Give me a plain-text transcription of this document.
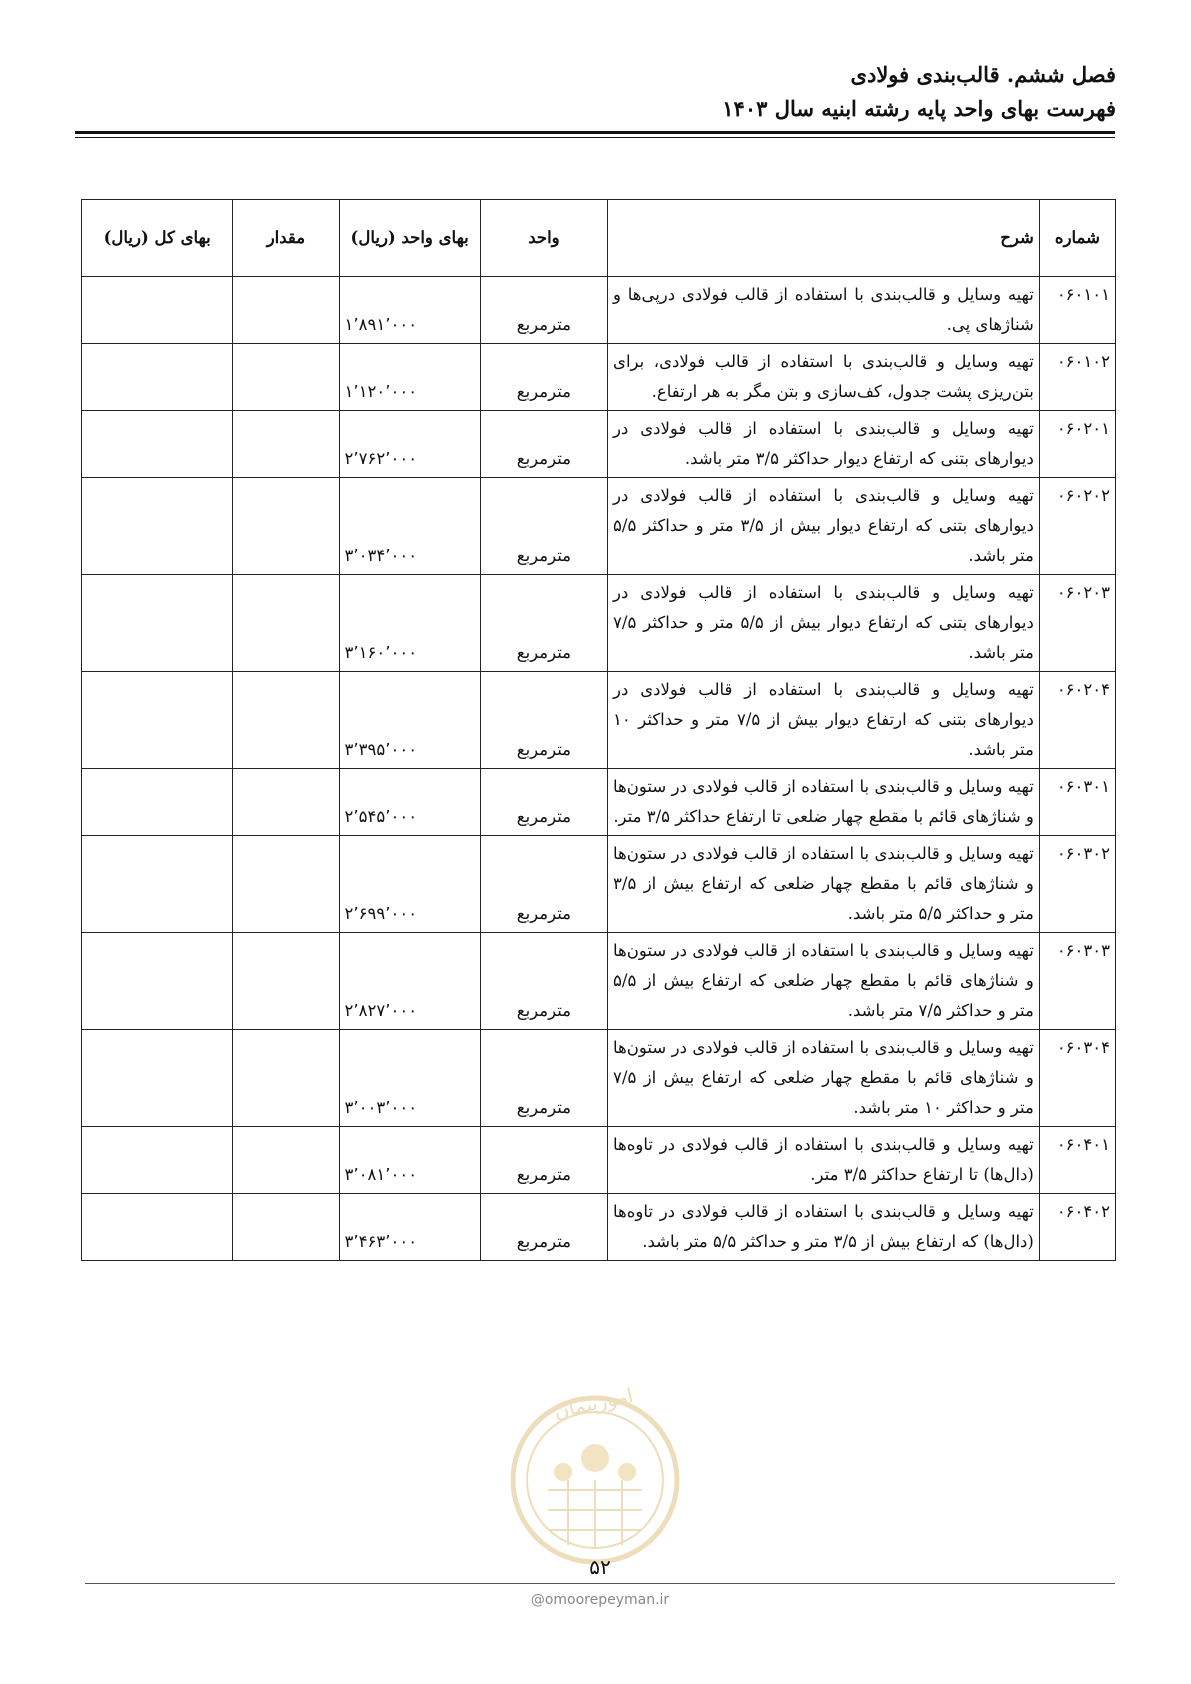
فصل ششم. قالب‌بندی فولادی
فهرست بهای واحد پایه رشته ابنیه سال ۱۴۰۳
شماره	شرح	واحد	بهای واحد (ریال)	مقدار	بهای کل (ریال)
۰۶۰۱۰۱	تهیه وسایل و قالب‌بندی با استفاده از قالب فولادی درپی‌ها و شناژهای پی.	مترمربع	۱٬۸۹۱٬۰۰۰		
۰۶۰۱۰۲	تهیه وسایل و قالب‌بندی با استفاده از قالب فولادی، برای بتن‌ریزی پشت جدول، کف‌سازی و بتن مگر به هر ارتفاع.	مترمربع	۱٬۱۲۰٬۰۰۰		
۰۶۰۲۰۱	تهیه وسایل و قالب‌بندی با استفاده از قالب فولادی در دیوارهای بتنی که ارتفاع دیوار حداکثر ۳/۵ متر باشد.	مترمربع	۲٬۷۶۲٬۰۰۰		
۰۶۰۲۰۲	تهیه وسایل و قالب‌بندی با استفاده از قالب فولادی در دیوارهای بتنی که ارتفاع دیوار بیش از ۳/۵ متر و حداکثر ۵/۵ متر باشد.	مترمربع	۳٬۰۳۴٬۰۰۰		
۰۶۰۲۰۳	تهیه وسایل و قالب‌بندی با استفاده از قالب فولادی در دیوارهای بتنی که ارتفاع دیوار بیش از ۵/۵ متر و حداکثر ۷/۵ متر باشد.	مترمربع	۳٬۱۶۰٬۰۰۰		
۰۶۰۲۰۴	تهیه وسایل و قالب‌بندی با استفاده از قالب فولادی در دیوارهای بتنی که ارتفاع دیوار بیش از ۷/۵ متر و حداکثر ۱۰ متر باشد.	مترمربع	۳٬۳۹۵٬۰۰۰		
۰۶۰۳۰۱	تهیه وسایل و قالب‌بندی با استفاده از قالب فولادی در ستون‌ها و شناژهای قائم با مقطع چهار ضلعی تا ارتفاع حداکثر ۳/۵ متر.	مترمربع	۲٬۵۴۵٬۰۰۰		
۰۶۰۳۰۲	تهیه وسایل و قالب‌بندی با استفاده از قالب فولادی در ستون‌ها و شناژهای قائم با مقطع چهار ضلعی که ارتفاع بیش از ۳/۵ متر و حداکثر ۵/۵ متر باشد.	مترمربع	۲٬۶۹۹٬۰۰۰		
۰۶۰۳۰۳	تهیه وسایل و قالب‌بندی با استفاده از قالب فولادی در ستون‌ها و شناژهای قائم با مقطع چهار ضلعی که ارتفاع بیش از ۵/۵ متر و حداکثر ۷/۵ متر باشد.	مترمربع	۲٬۸۲۷٬۰۰۰		
۰۶۰۳۰۴	تهیه وسایل و قالب‌بندی با استفاده از قالب فولادی در ستون‌ها و شناژهای قائم با مقطع چهار ضلعی که ارتفاع بیش از ۷/۵ متر و حداکثر ۱۰ متر باشد.	مترمربع	۳٬۰۰۳٬۰۰۰		
۰۶۰۴۰۱	تهیه وسایل و قالب‌بندی با استفاده از قالب فولادی در تاوه‌ها (دال‌ها) تا ارتفاع حداکثر ۳/۵ متر.	مترمربع	۳٬۰۸۱٬۰۰۰		
۰۶۰۴۰۲	تهیه وسایل و قالب‌بندی با استفاده از قالب فولادی در تاوه‌ها (دال‌ها) که ارتفاع بیش از ۳/۵ متر و حداکثر ۵/۵ متر باشد.	مترمربع	۳٬۴۶۳٬۰۰۰		
امورپیمان
۵۲
@omoorepeyman.ir
